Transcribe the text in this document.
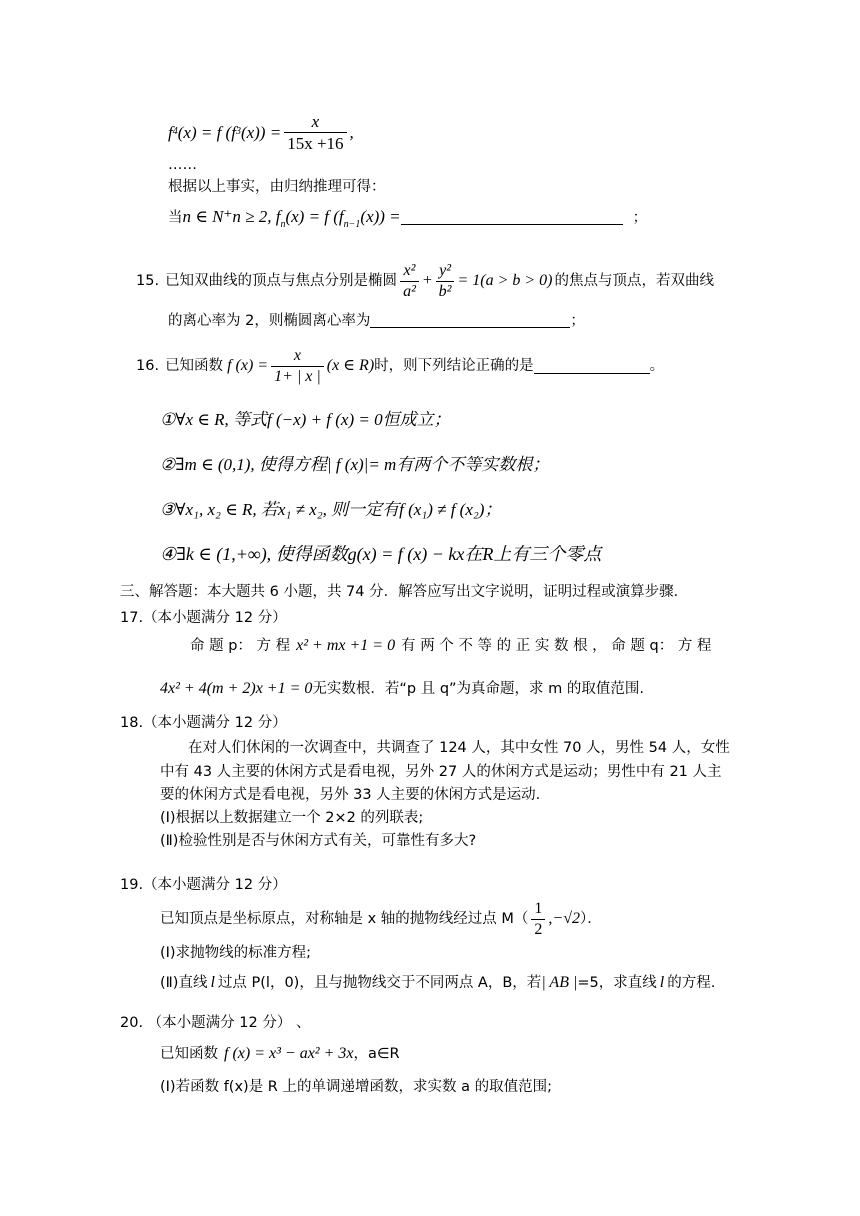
f 4 (x) = f (f 3 $(x)) = \frac{x}{15x +16}$ ,
……
根据以上事实，由归纳推理可得：
当 n ∈ N⁺n ≥ 2, f n (x) = f (f n−1 (x)) =	；
15. 已知双曲线的顶点与焦点分别是椭圆 $\frac{\text{x²}}{\text{a²}} + \frac{\text{y²}}{\text{b²}} = 1(a > b > 0)$ 的焦点与顶点，若双曲线
的离心率为 2，则椭圆离心率为	；
16. 已知函数 f $(x) = \frac{x}{1+ | x |} (x$ ∈ R) 时，则下列结论正确的是	。
①∀x ∈ R, 等式f (−x) + f (x) = 0恒成立；
②∃m ∈ (0,1), 使得方程| f (x)|= m有两个不等实数根；
③∀x₁, x₂ ∈ R, 若x₁ ≠ x₂, 则一定有f (x₁) ≠ f (x₂)；
④∃k ∈ (1,+∞), 使得函数g(x) = f (x) − kx在R上有三个零点
三、解答题：本大题共 6 小题，共 74 分．解答应写出文字说明，证明过程或演算步骤．
17.（本小题满分 12 分）
命 题 p： 方 程 x² + mx +1 = 0 有 两 个 不 等 的 正 实 数 根 ， 命 题 q： 方 程
4x² + 4(m + 2)x +1 = 0 无实数根．若“p 且 q”为真命题，求 m 的取值范围.
18.（本小题满分 12 分）
在对人们休闲的一次调查中，共调查了 124 人，其中女性 70 人，男性 54 人，女性
中有 43 人主要的休闲方式是看电视，另外 27 人的休闲方式是运动；男性中有 21 人主
要的休闲方式是看电视，另外 33 人主要的休闲方式是运动.
(I)根据以上数据建立一个 2×2 的列联表;
(Ⅱ)检验性别是否与休闲方式有关，可靠性有多大?
19.（本小题满分 12 分）
已知顶点是坐标原点，对称轴是 x 轴的抛物线经过点 $M( \frac{1}{2} ,-√2$ ）．
(I)求抛物线的标准方程;
(Ⅱ)直线 l 过点 P(l，0)，且与抛物线交于不同两点 A，B，若 | AB | =5，求直线 l 的方程.
20. （本小题满分 12 分） 、
已知函数 f (x) = x³ − ax² + 3x ，a∈R
(I)若函数 f(x)是 R 上的单调递增函数，求实数 a 的取值范围;
